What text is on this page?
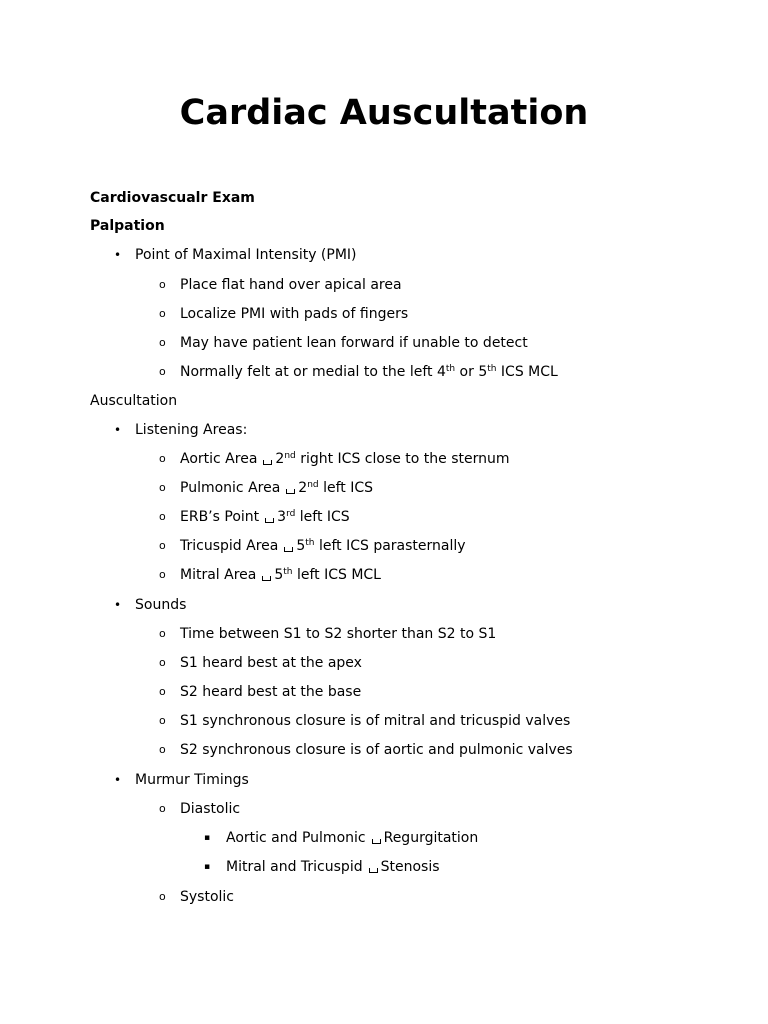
Cardiac Auscultation
Cardiovascualr Exam
Palpation
• Point of Maximal Intensity (PMI)
o Place flat hand over apical area
o Localize PMI with pads of fingers
o May have patient lean forward if unable to detect
o Normally felt at or medial to the left 4th or 5th ICS MCL
Auscultation
• Listening Areas:
o Aortic Area 2nd right ICS close to the sternum
o Pulmonic Area 2nd left ICS
o ERB’s Point 3rd left ICS
o Tricuspid Area 5th left ICS parasternally
o Mitral Area 5th left ICS MCL
• Sounds
o Time between S1 to S2 shorter than S2 to S1
o S1 heard best at the apex
o S2 heard best at the base
o S1 synchronous closure is of mitral and tricuspid valves
o S2 synchronous closure is of aortic and pulmonic valves
• Murmur Timings
o Diastolic
▪ Aortic and Pulmonic Regurgitation
▪ Mitral and Tricuspid Stenosis
o Systolic
